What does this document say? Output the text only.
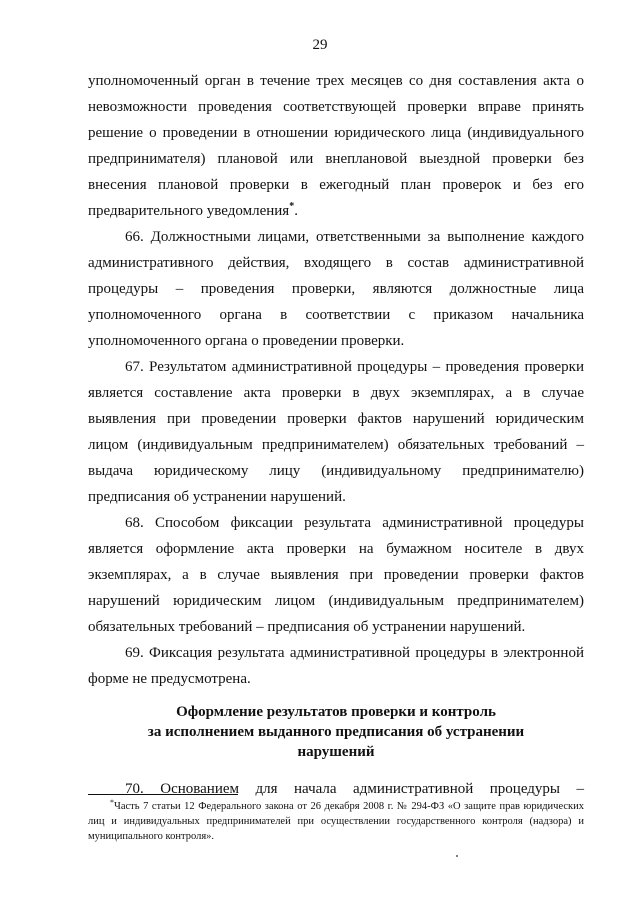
29

уполномоченный орган в течение трех месяцев со дня составления акта о невозможности проведения соответствующей проверки вправе принять решение о проведении в отношении юридического лица (индивидуального предпринимателя) плановой или внеплановой выездной проверки без внесения плановой проверки в ежегодный план проверок и без его предварительного уведомления*.

66. Должностными лицами, ответственными за выполнение каждого административного действия, входящего в состав административной процедуры – проведения проверки, являются должностные лица уполномоченного органа в соответствии с приказом начальника уполномоченного органа о проведении проверки.

67. Результатом административной процедуры – проведения проверки является составление акта проверки в двух экземплярах, а в случае выявления при проведении проверки фактов нарушений юридическим лицом (индивидуальным предпринимателем) обязательных требований – выдача юридическому лицу (индивидуальному предпринимателю) предписания об устранении нарушений.

68. Способом фиксации результата административной процедуры является оформление акта проверки на бумажном носителе в двух экземплярах, а в случае выявления при проведении проверки фактов нарушений юридическим лицом (индивидуальным предпринимателем) обязательных требований – предписания об устранении нарушений.

69. Фиксация результата административной процедуры в электронной форме не предусмотрена.

Оформление результатов проверки и контроль
за исполнением выданного предписания об устранении
нарушений

70. Основанием для начала административной процедуры –

*Часть 7 статьи 12 Федерального закона от 26 декабря 2008 г. № 294-ФЗ «О защите прав юридических лиц и индивидуальных предпринимателей при осуществлении государственного контроля (надзора) и муниципального контроля».
